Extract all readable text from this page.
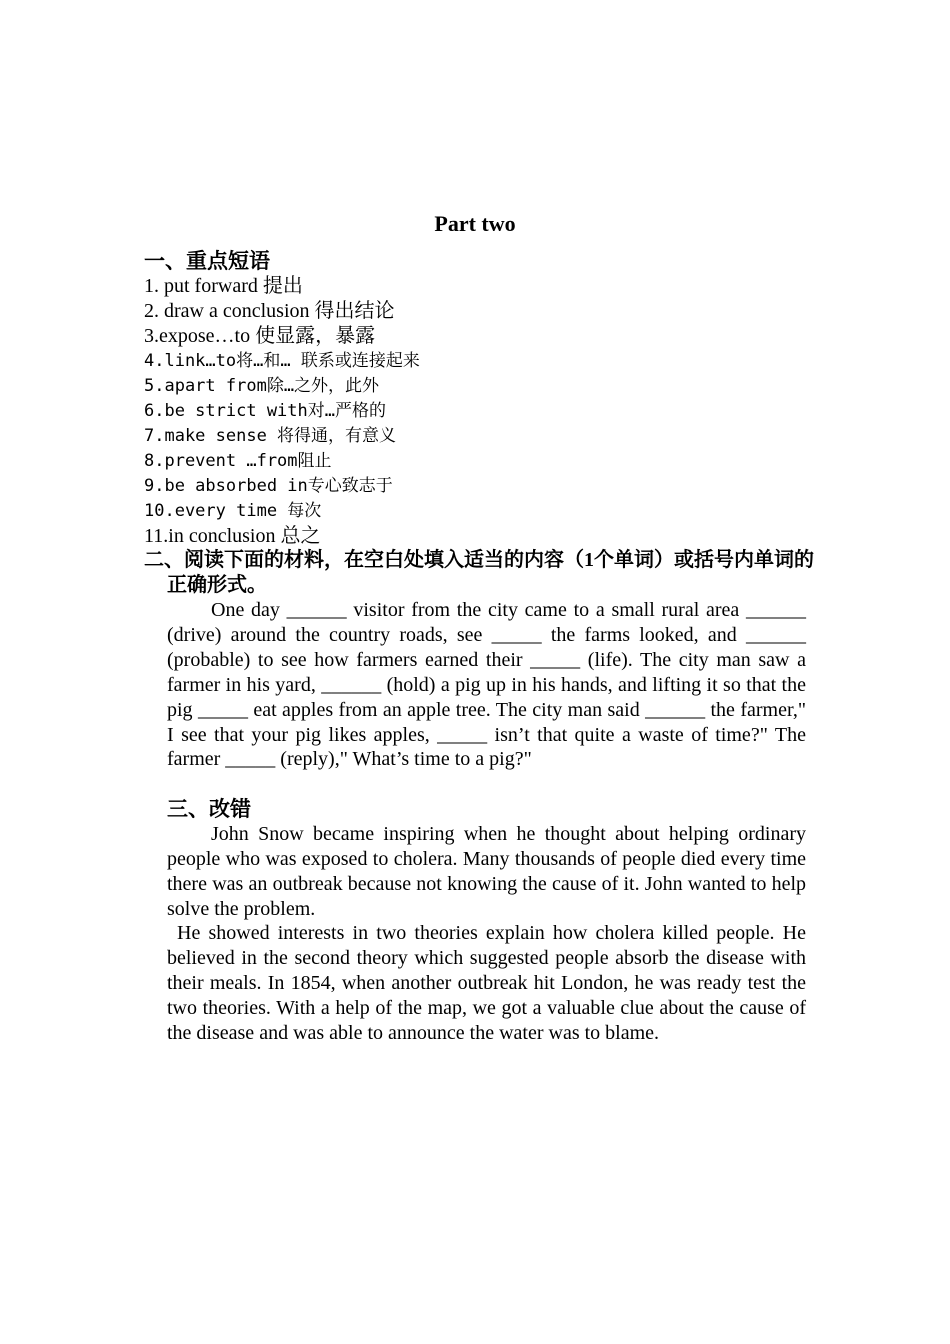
Part two
一、重点短语
1. put forward 提出
2. draw a conclusion 得出结论
3.expose…to 使显露，暴露
4.link…to将…和… 联系或连接起来
5.apart from除…之外，此外
6.be strict with对…严格的
7.make sense 将得通，有意义
8.prevent …from阻止
9.be absorbed in专心致志于
10.every time 每次
11.in conclusion 总之
二、阅读下面的材料，在空白处填入适当的内容（1个单词）或括号内单词的正确形式。
One day ______ visitor from the city came to a small rural area ______ (drive) around the country roads, see _____ the farms looked, and ______ (probable) to see how farmers earned their _____ (life). The city man saw a farmer in his yard, ______ (hold) a pig up in his hands, and lifting it so that the pig _____ eat apples from an apple tree. The city man said ______ the farmer," I see that your pig likes apples, _____ isn’t that quite a waste of time?" The farmer _____ (reply)," What’s time to a pig?"
三、改错
John Snow became inspiring when he thought about helping ordinary people who was exposed to cholera. Many thousands of people died every time there was an outbreak because not knowing the cause of it. John wanted to help solve the problem.
He showed interests in two theories explain how cholera killed people. He believed in the second theory which suggested people absorb the disease with their meals. In 1854, when another outbreak hit London, he was ready test the two theories. With a help of the map, we got a valuable clue about the cause of the disease and was able to announce the water was to blame.
